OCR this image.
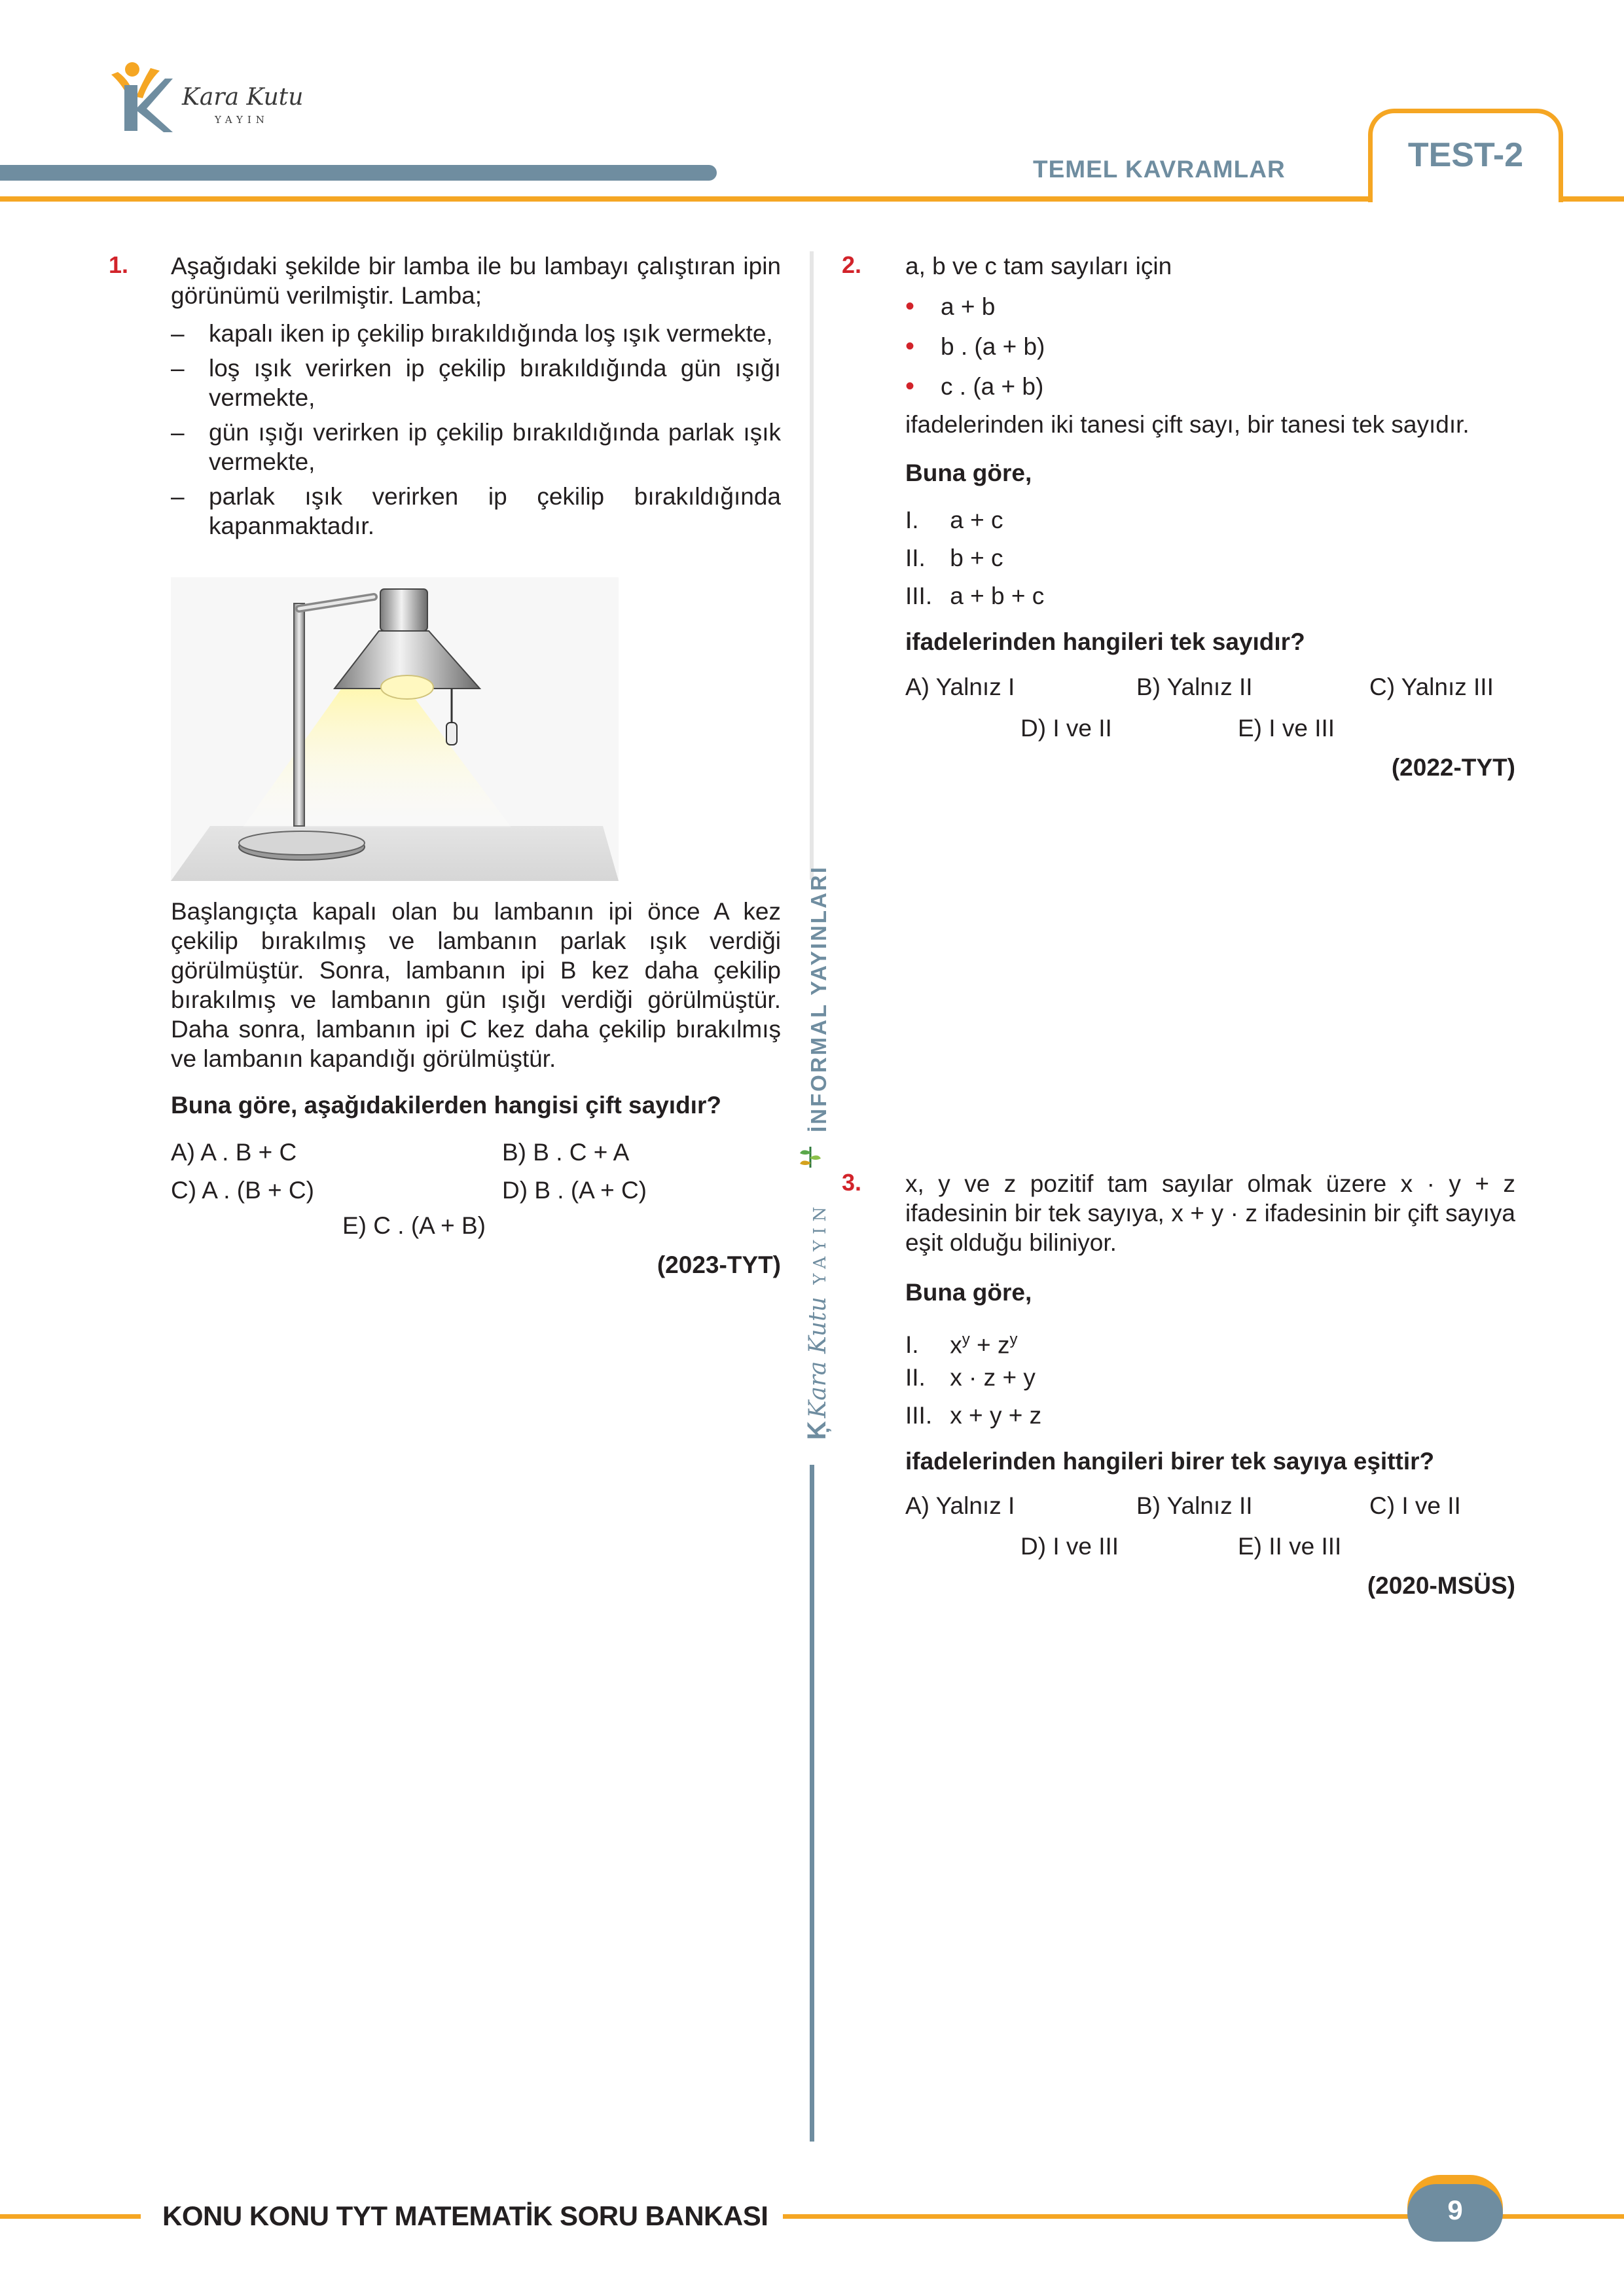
Kara Kutu
YAYIN
TEMEL KAVRAMLAR	TEST-2
İNFORMAL YAYINLARI
Ķ Kara Kutu YAYIN
1. Aşağıdaki şekilde bir lamba ile bu lambayı çalıştıran ipin görünümü verilmiştir. Lamba;
– kapalı iken ip çekilip bırakıldığında loş ışık vermekte,
– loş ışık verirken ip çekilip bırakıldığında gün ışığı vermekte,
– gün ışığı verirken ip çekilip bırakıldığında parlak ışık vermekte,
– parlak ışık verirken ip çekilip bırakıldığında kapanmaktadır.
Başlangıçta kapalı olan bu lambanın ipi önce A kez çekilip bırakılmış ve lambanın parlak ışık verdiği görülmüştür. Sonra, lambanın ipi B kez daha çekilip bırakılmış ve lambanın gün ışığı verdiği görülmüştür. Daha sonra, lambanın ipi C kez daha çekilip bırakılmış ve lambanın kapandığı görülmüştür.
Buna göre, aşağıdakilerden hangisi çift sayıdır?
A) A . B + C	B) B . C + A
C) A . (B + C)	D) B . (A + C)
E) C . (A + B)
(2023-TYT)
2. a, b ve c tam sayıları için
• a + b
• b . (a + b)
• c . (a + b)
ifadelerinden iki tanesi çift sayı, bir tanesi tek sayıdır.
Buna göre,
I. a + c
II. b + c
III. a + b + c
ifadelerinden hangileri tek sayıdır?
A) Yalnız I	B) Yalnız II	C) Yalnız III
D) I ve II	E) I ve III
(2022-TYT)
3. x, y ve z pozitif tam sayılar olmak üzere x · y + z ifadesinin bir tek sayıya, x + y · z ifadesinin bir çift sayıya eşit olduğu biliniyor.
Buna göre,
I. $x^y + z^y$
II. x · z + y
III. x + y + z
ifadelerinden hangileri birer tek sayıya eşittir?
A) Yalnız I	B) Yalnız II	C) I ve II
D) I ve III	E) II ve III
(2020-MSÜS)
KONU KONU TYT MATEMATİK SORU BANKASI	9
